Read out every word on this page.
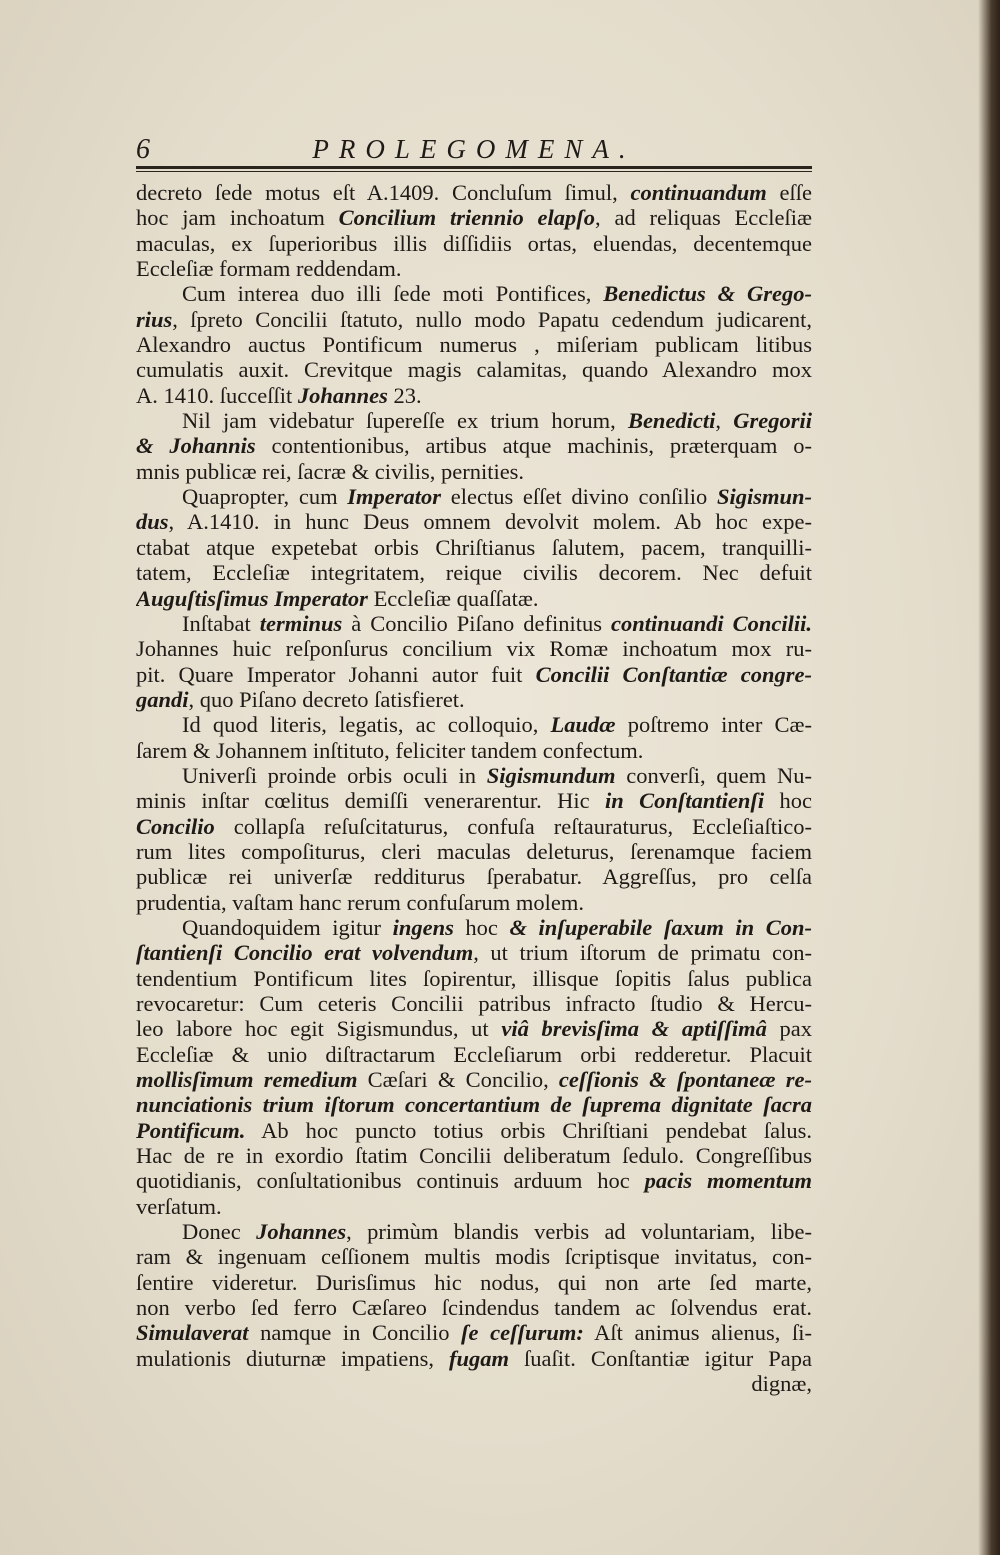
6	PROLEGOMENA.
decreto ſede motus eſt A.1409. Concluſum ſimul, continuandum eſſe
hoc jam inchoatum Concilium triennio elapſo, ad reliquas Eccleſiæ
maculas, ex ſuperioribus illis diſſidiis ortas, eluendas, decentemque
Eccleſiæ formam reddendam.
Cum interea duo illi ſede moti Pontifices, Benedictus & Grego-
rius, ſpreto Concilii ſtatuto, nullo modo Papatu cedendum judicarent,
Alexandro auctus Pontificum numerus , miſeriam publicam litibus
cumulatis auxit. Crevitque magis calamitas, quando Alexandro mox
A. 1410. ſucceſſit Johannes 23.
Nil jam videbatur ſupereſſe ex trium horum, Benedicti, Gregorii
& Johannis contentionibus, artibus atque machinis, præterquam o-
mnis publicæ rei, ſacræ & civilis, pernities.
Quapropter, cum Imperator electus eſſet divino conſilio Sigismun-
dus, A.1410. in hunc Deus omnem devolvit molem. Ab hoc expe-
ctabat atque expetebat orbis Chriſtianus ſalutem, pacem, tranquilli-
tatem, Eccleſiæ integritatem, reique civilis decorem. Nec defuit
Auguſtisſimus Imperator Eccleſiæ quaſſatæ.
Inſtabat terminus à Concilio Piſano definitus continuandi Concilii.
Johannes huic reſponſurus concilium vix Romæ inchoatum mox ru-
pit. Quare Imperator Johanni autor fuit Concilii Conſtantiæ congre-
gandi, quo Piſano decreto ſatisfieret.
Id quod literis, legatis, ac colloquio, Laudæ poſtremo inter Cæ-
ſarem & Johannem inſtituto, feliciter tandem confectum.
Univerſi proinde orbis oculi in Sigismundum converſi, quem Nu-
minis inſtar cœlitus demiſſi venerarentur. Hic in Conſtantienſi hoc
Concilio collapſa reſuſcitaturus, confuſa reſtauraturus, Eccleſiaſtico-
rum lites compoſiturus, cleri maculas deleturus, ſerenamque faciem
publicæ rei univerſæ redditurus ſperabatur. Aggreſſus, pro celſa
prudentia, vaſtam hanc rerum confuſarum molem.
Quandoquidem igitur ingens hoc & inſuperabile ſaxum in Con-
ſtantienſi Concilio erat volvendum, ut trium iſtorum de primatu con-
tendentium Pontificum lites ſopirentur, illisque ſopitis ſalus publica
revocaretur: Cum ceteris Concilii patribus infracto ſtudio & Hercu-
leo labore hoc egit Sigismundus, ut viâ brevisſima & aptiſſimâ pax
Eccleſiæ & unio diſtractarum Eccleſiarum orbi redderetur. Placuit
mollisſimum remedium Cæſari & Concilio, ceſſionis & ſpontaneæ re-
nunciationis trium iſtorum concertantium de ſuprema dignitate ſacra
Pontificum. Ab hoc puncto totius orbis Chriſtiani pendebat ſalus.
Hac de re in exordio ſtatim Concilii deliberatum ſedulo. Congreſſibus
quotidianis, conſultationibus continuis arduum hoc pacis momentum
verſatum.
Donec Johannes, primùm blandis verbis ad voluntariam, libe-
ram & ingenuam ceſſionem multis modis ſcriptisque invitatus, con-
ſentire videretur. Durisſimus hic nodus, qui non arte ſed marte,
non verbo ſed ferro Cæſareo ſcindendus tandem ac ſolvendus erat.
Simulaverat namque in Concilio ſe ceſſurum: Aſt animus alienus, ſi-
mulationis diuturnæ impatiens, fugam ſuaſit. Conſtantiæ igitur Papa
dignæ,
